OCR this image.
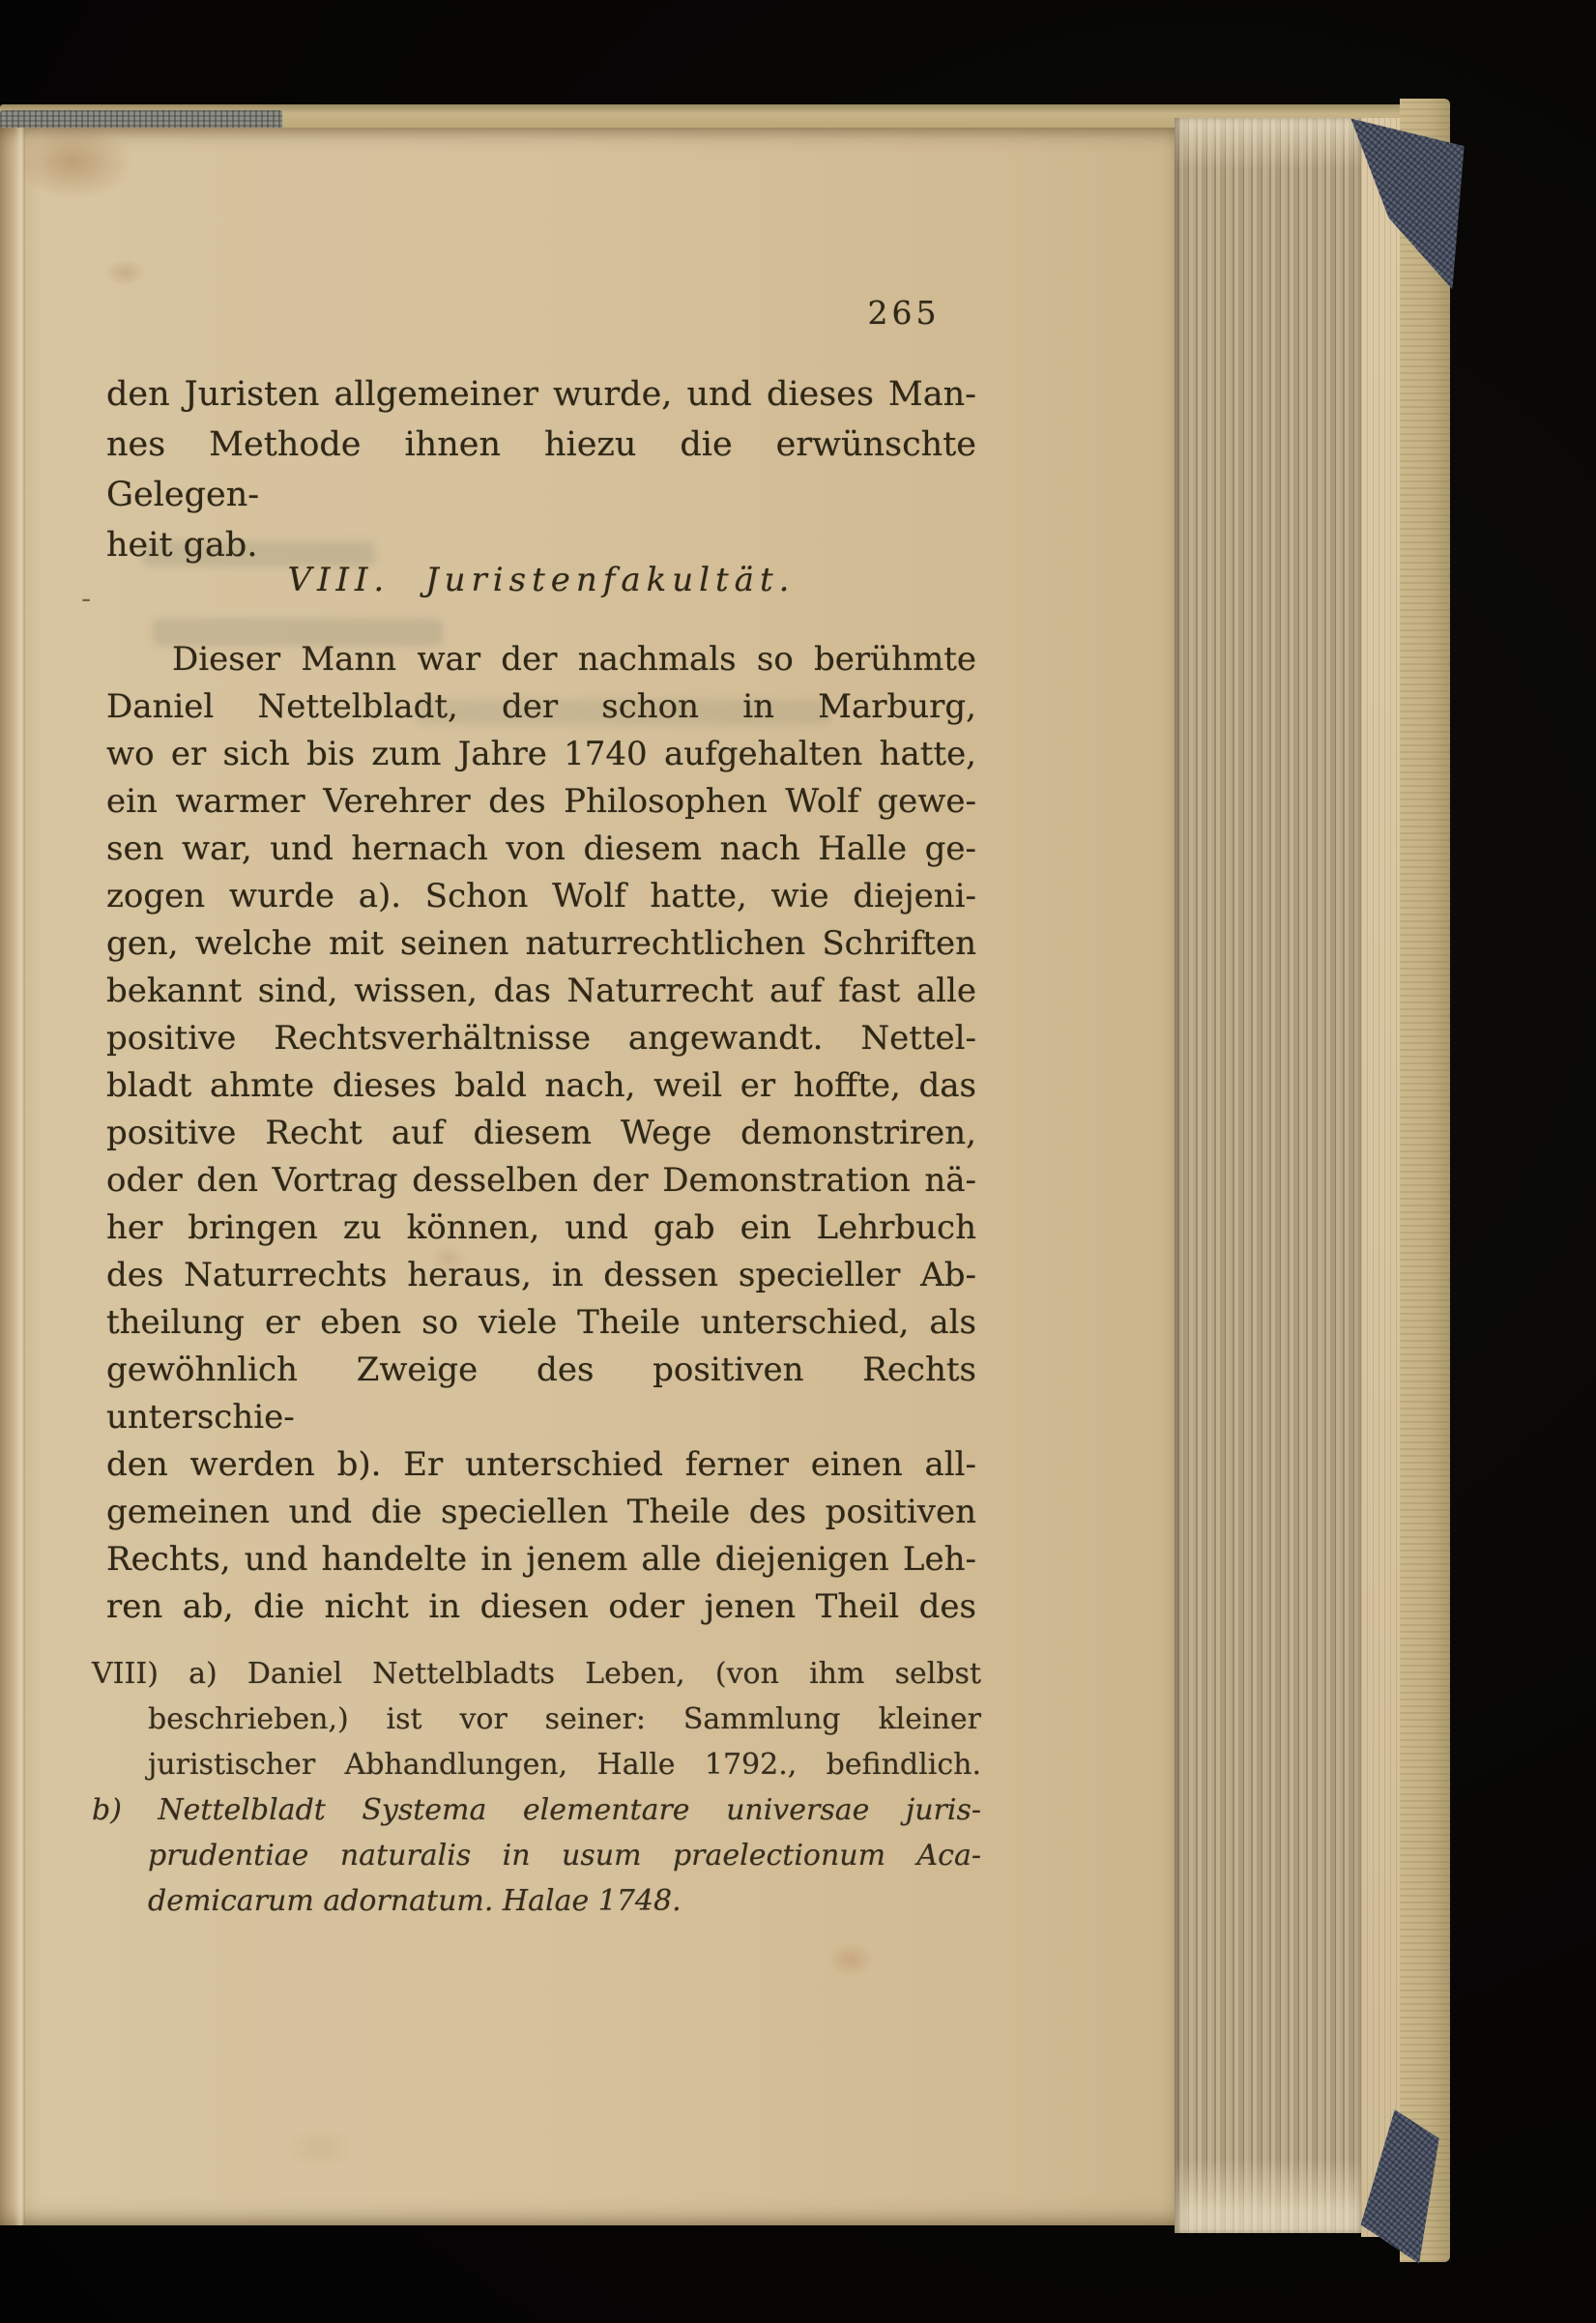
265
den Juristen allgemeiner wurde, und dieses Man-
nes Methode ihnen hiezu die erwünschte Gelegen-
heit gab.
-	VIII. Juristenfakultät.
Dieser Mann war der nachmals so berühmte
Daniel Nettelbladt, der schon in Marburg,
wo er sich bis zum Jahre 1740 aufgehalten hatte,
ein warmer Verehrer des Philosophen Wolf gewe-
sen war, und hernach von diesem nach Halle ge-
zogen wurde a). Schon Wolf hatte, wie diejeni-
gen, welche mit seinen naturrechtlichen Schriften
bekannt sind, wissen, das Naturrecht auf fast alle
positive Rechtsverhältnisse angewandt. Nettel-
bladt ahmte dieses bald nach, weil er hoffte, das
positive Recht auf diesem Wege demonstriren,
oder den Vortrag desselben der Demonstration nä-
her bringen zu können, und gab ein Lehrbuch
des Naturrechts heraus, in dessen specieller Ab-
theilung er eben so viele Theile unterschied, als
gewöhnlich Zweige des positiven Rechts unterschie-
den werden b). Er unterschied ferner einen all-
gemeinen und die speciellen Theile des positiven
Rechts, und handelte in jenem alle diejenigen Leh-
ren ab, die nicht in diesen oder jenen Theil des
VIII) a) Daniel Nettelbladts Leben, (von ihm selbst
beschrieben,) ist vor seiner: Sammlung kleiner
juristischer Abhandlungen, Halle 1792., befindlich.
b) Nettelbladt Systema elementare universae juris-
prudentiae naturalis in usum praelectionum Aca-
demicarum adornatum. Halae 1748.
